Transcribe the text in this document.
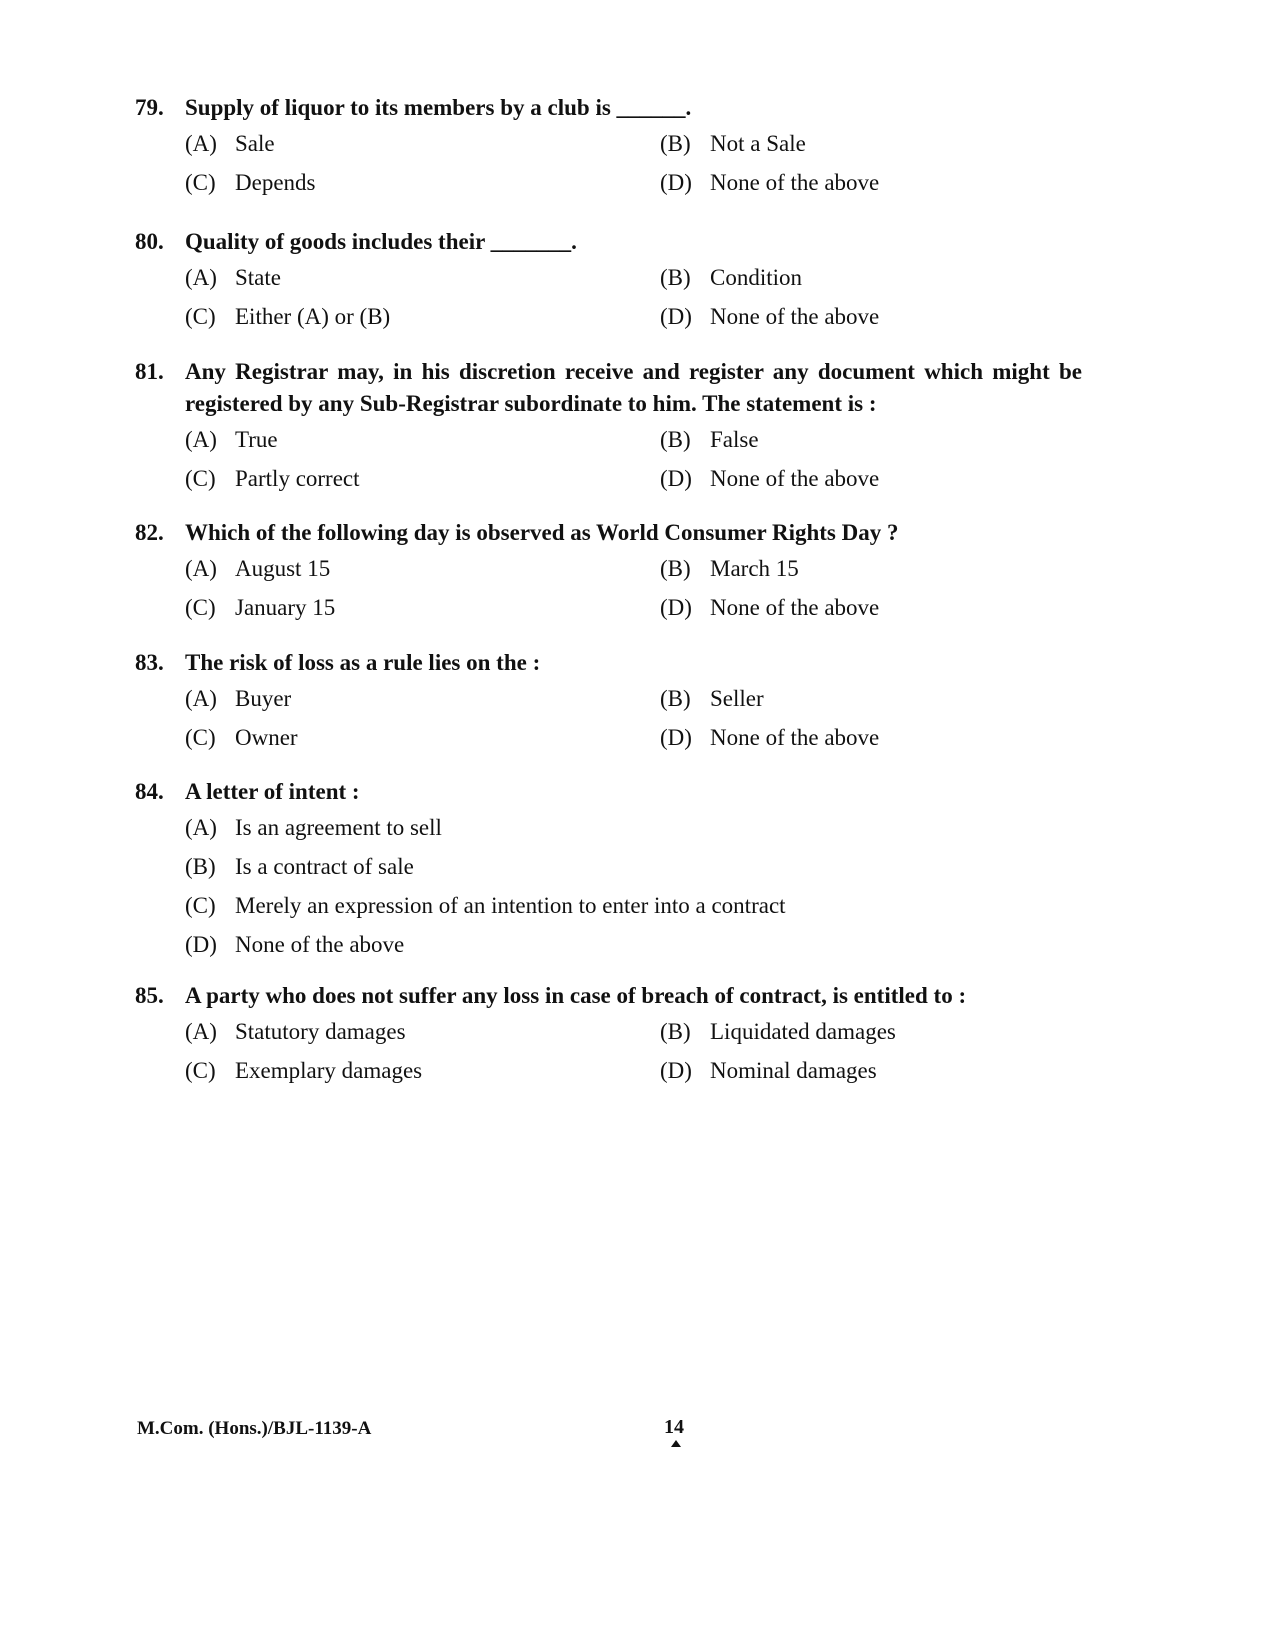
79. Supply of liquor to its members by a club is ______.
(A) Sale	(B) Not a Sale
(C) Depends	(D) None of the above
80. Quality of goods includes their _______.
(A) State	(B) Condition
(C) Either (A) or (B)	(D) None of the above
81. Any Registrar may, in his discretion receive and register any document which might be registered by any Sub-Registrar subordinate to him. The statement is :
(A) True	(B) False
(C) Partly correct	(D) None of the above
82. Which of the following day is observed as World Consumer Rights Day ?
(A) August 15	(B) March 15
(C) January 15	(D) None of the above
83. The risk of loss as a rule lies on the :
(A) Buyer	(B) Seller
(C) Owner	(D) None of the above
84. A letter of intent :
(A) Is an agreement to sell
(B) Is a contract of sale
(C) Merely an expression of an intention to enter into a contract
(D) None of the above
85. A party who does not suffer any loss in case of breach of contract, is entitled to :
(A) Statutory damages	(B) Liquidated damages
(C) Exemplary damages	(D) Nominal damages
M.Com. (Hons.)/BJL-1139-A	14
